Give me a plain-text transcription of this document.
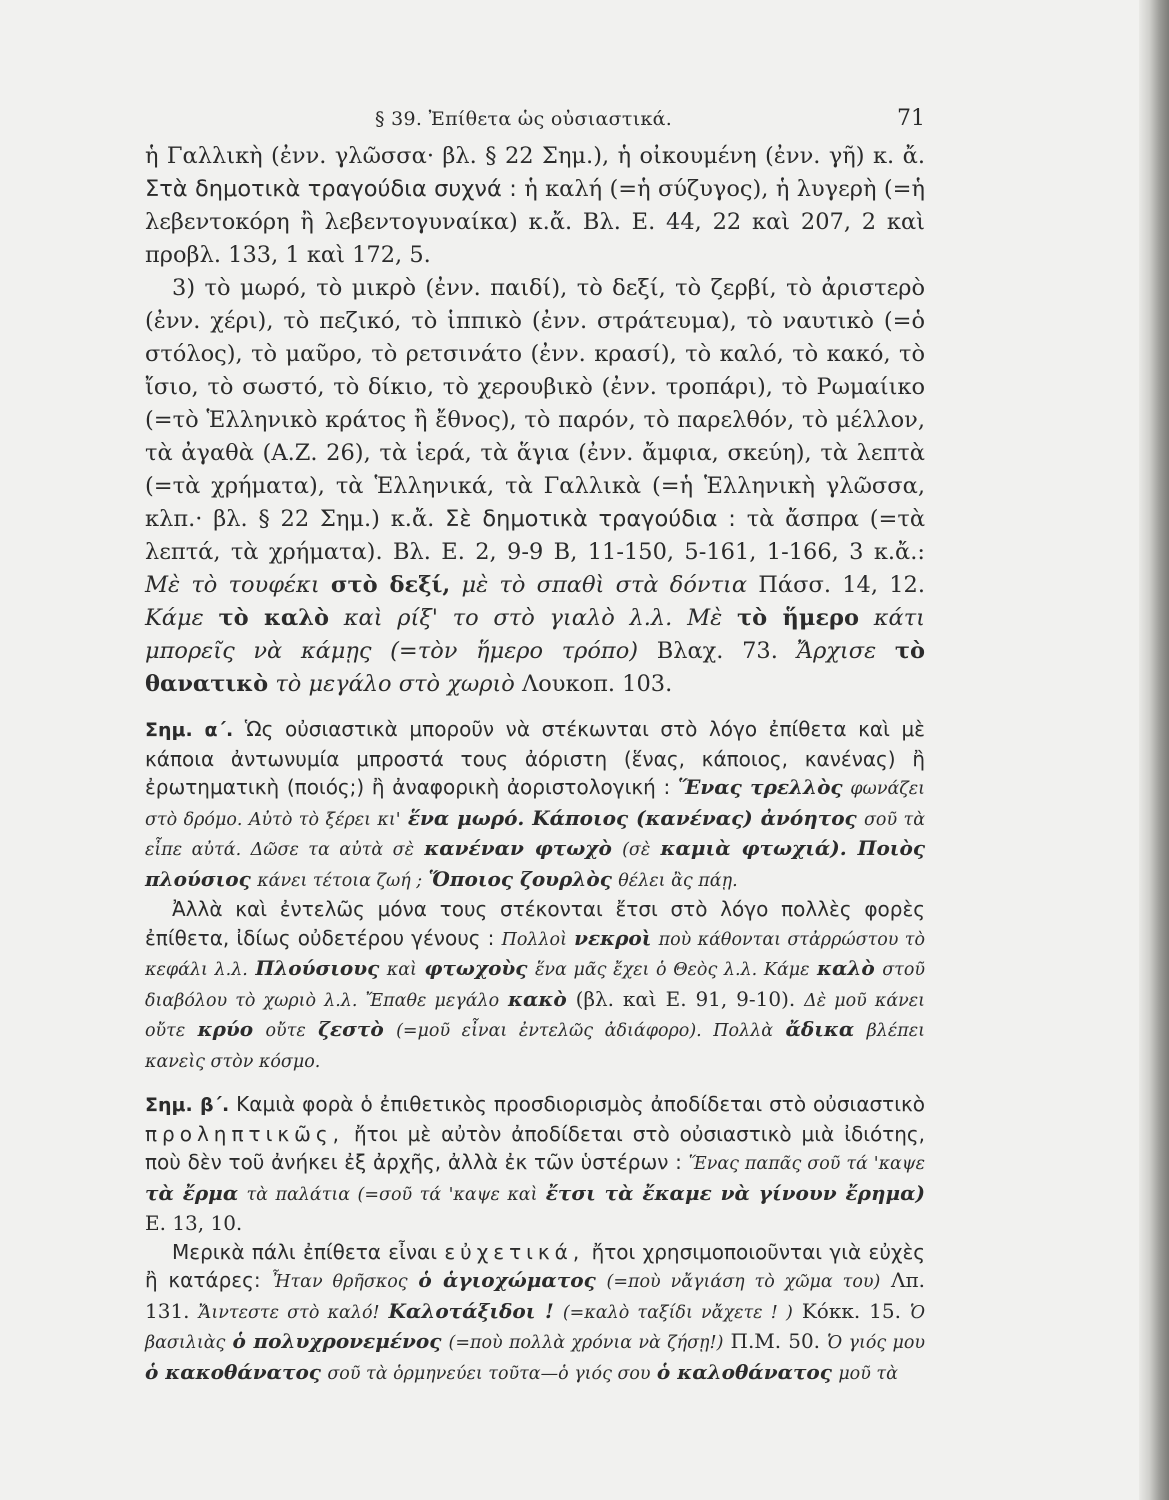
§ 39. Ἐπίθετα ὡς οὐσιαστικά.	71

ἡ Γαλλικὴ (ἐνν. γλῶσσα· βλ. § 22 Σημ.), ἡ οἰκουμένη (ἐνν. γῆ) κ. ἄ. Στὰ δημοτικὰ τραγούδια συχνά : ἡ καλή (=ἡ σύζυγος), ἡ λυγερὴ (=ἡ λεβεντοκόρη ἢ λεβεντογυναίκα) κ.ἄ. Βλ. Ε. 44, 22 καὶ 207, 2 καὶ προβλ. 133, 1 καὶ 172, 5.

3) τὸ μωρό, τὸ μικρὸ (ἐνν. παιδί), τὸ δεξί, τὸ ζερβί, τὸ ἀριστερὸ (ἐνν. χέρι), τὸ πεζικό, τὸ ἱππικὸ (ἐνν. στράτευμα), τὸ ναυτικὸ (=ὁ στόλος), τὸ μαῦρο, τὸ ρετσινάτο (ἐνν. κρασί), τὸ καλό, τὸ κακό, τὸ ἴσιο, τὸ σωστό, τὸ δίκιο, τὸ χερουβικὸ (ἐνν. τροπάρι), τὸ Ρωμαίικο (=τὸ Ἑλληνικὸ κράτος ἢ ἔθνος), τὸ παρόν, τὸ παρελθόν, τὸ μέλλον, τὰ ἀγαθὰ (Α.Ζ. 26), τὰ ἱερά, τὰ ἅγια (ἐνν. ἄμφια, σκεύη), τὰ λεπτὰ (=τὰ χρήματα), τὰ Ἑλληνικά, τὰ Γαλλικὰ (=ἡ Ἑλληνικὴ γλῶσσα, κλπ.· βλ. § 22 Σημ.) κ.ἄ. Σὲ δημοτικὰ τραγούδια : τὰ ἄσπρα (=τὰ λεπτά, τὰ χρήματα). Βλ. Ε. 2, 9-9 Β, 11-150, 5-161, 1-166, 3 κ.ἄ.: Μὲ τὸ τουφέκι στὸ δεξί, μὲ τὸ σπαθὶ στὰ δόντια Πάσσ. 14, 12. Κάμε τὸ καλὸ καὶ ρίξ' το στὸ γιαλὸ λ.λ. Μὲ τὸ ἥμερο κάτι μπορεῖς νὰ κάμῃς (=τὸν ἥμερο τρόπο) Βλαχ. 73. Ἄρχισε τὸ θανατικὸ τὸ μεγάλο στὸ χωριὸ Λουκοπ. 103.

Σημ. α΄. Ὡς οὐσιαστικὰ μποροῦν νὰ στέκωνται στὸ λόγο ἐπίθετα καὶ μὲ κάποια ἀντωνυμία μπροστά τους ἀόριστη (ἕνας, κάποιος, κανένας) ἢ ἐρωτηματικὴ (ποιός;) ἢ ἀναφορικὴ ἀοριστολογική : Ἕνας τρελλὸς φωνάζει στὸ δρόμο. Αὐτὸ τὸ ξέρει κι' ἕνα μωρό. Κάποιος (κανένας) ἀνόητος σοῦ τὰ εἶπε αὐτά. Δῶσε τα αὐτὰ σὲ κανέναν φτωχὸ (σὲ καμιὰ φτωχιά). Ποιὸς πλούσιος κάνει τέτοια ζωή ; Ὅποιος ζουρλὸς θέλει ἂς πάῃ.

Ἀλλὰ καὶ ἐντελῶς μόνα τους στέκονται ἔτσι στὸ λόγο πολλὲς φορὲς ἐπίθετα, ἰδίως οὐδετέρου γένους : Πολλοὶ νεκροὶ ποὺ κάθονται στἀρρώστου τὸ κεφάλι λ.λ. Πλούσιους καὶ φτωχοὺς ἕνα μᾶς ἔχει ὁ Θεὸς λ.λ. Κάμε καλὸ στοῦ διαβόλου τὸ χωριὸ λ.λ. Ἔπαθε μεγάλο κακὸ (βλ. καὶ Ε. 91, 9-10). Δὲ μοῦ κάνει οὔτε κρύο οὔτε ζεστὸ (=μοῦ εἶναι ἐντελῶς ἀδιάφορο). Πολλὰ ἄδικα βλέπει κανεὶς στὸν κόσμο.

Σημ. β΄. Καμιὰ φορὰ ὁ ἐπιθετικὸς προσδιορισμὸς ἀποδίδεται στὸ οὐσιαστικὸ προληπτικῶς, ἤτοι μὲ αὐτὸν ἀποδίδεται στὸ οὐσιαστικὸ μιὰ ἰδιότης, ποὺ δὲν τοῦ ἀνήκει ἐξ ἀρχῆς, ἀλλὰ ἐκ τῶν ὑστέρων : Ἕνας παπᾶς σοῦ τά 'καψε τὰ ἔρμα τὰ παλάτια (=σοῦ τά 'καψε καὶ ἔτσι τὰ ἔκαμε νὰ γίνουν ἔρημα) Ε. 13, 10.

Μερικὰ πάλι ἐπίθετα εἶναι εὐχετικά, ἤτοι χρησιμοποιοῦνται γιὰ εὐχὲς ἢ κατάρες: Ἦταν θρῆσκος ὁ ἁγιοχώματος (=ποὺ νἄγιάση τὸ χῶμα του) Λπ. 131. Ἄιντεστε στὸ καλό! Καλοτάξιδοι ! (=καλὸ ταξίδι νἄχετε ! ) Κόκκ. 15. Ὁ βασιλιὰς ὁ πολυχρονεμένος (=ποὺ πολλὰ χρόνια νὰ ζήσῃ!) Π.Μ. 50. Ὁ γιός μου ὁ κακοθάνατος σοῦ τὰ ὁρμηνεύει τοῦτα—ὁ γιός σου ὁ καλοθάνατος μοῦ τὰ
